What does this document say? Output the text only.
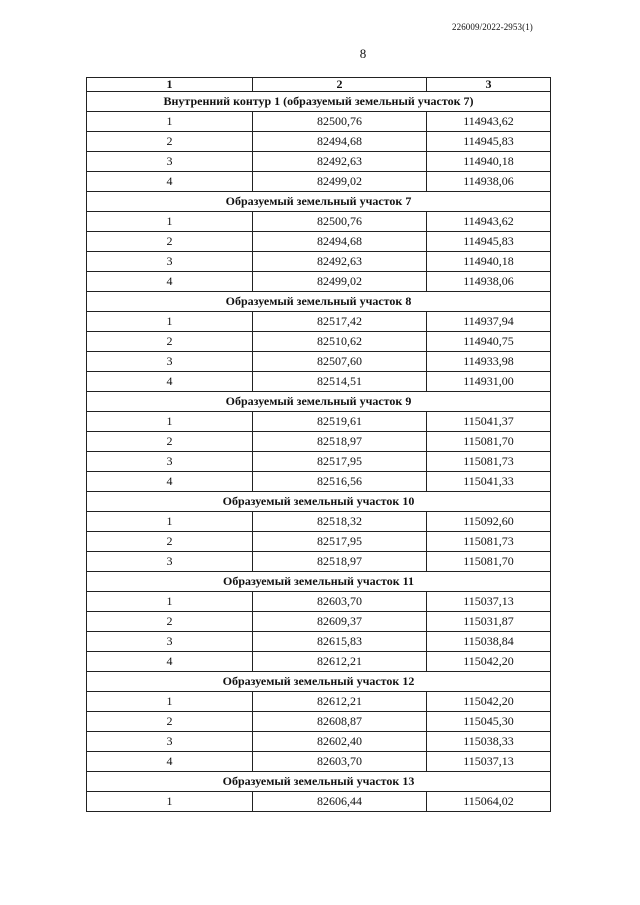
226009/2022-2953(1)
8
1	2	3
Внутренний контур 1 (образуемый земельный участок 7)		
1	82500,76	114943,62
2	82494,68	114945,83
3	82492,63	114940,18
4	82499,02	114938,06
Образуемый земельный участок 7		
1	82500,76	114943,62
2	82494,68	114945,83
3	82492,63	114940,18
4	82499,02	114938,06
Образуемый земельный участок 8		
1	82517,42	114937,94
2	82510,62	114940,75
3	82507,60	114933,98
4	82514,51	114931,00
Образуемый земельный участок 9		
1	82519,61	115041,37
2	82518,97	115081,70
3	82517,95	115081,73
4	82516,56	115041,33
Образуемый земельный участок 10		
1	82518,32	115092,60
2	82517,95	115081,73
3	82518,97	115081,70
Образуемый земельный участок 11		
1	82603,70	115037,13
2	82609,37	115031,87
3	82615,83	115038,84
4	82612,21	115042,20
Образуемый земельный участок 12		
1	82612,21	115042,20
2	82608,87	115045,30
3	82602,40	115038,33
4	82603,70	115037,13
Образуемый земельный участок 13		
1	82606,44	115064,02
